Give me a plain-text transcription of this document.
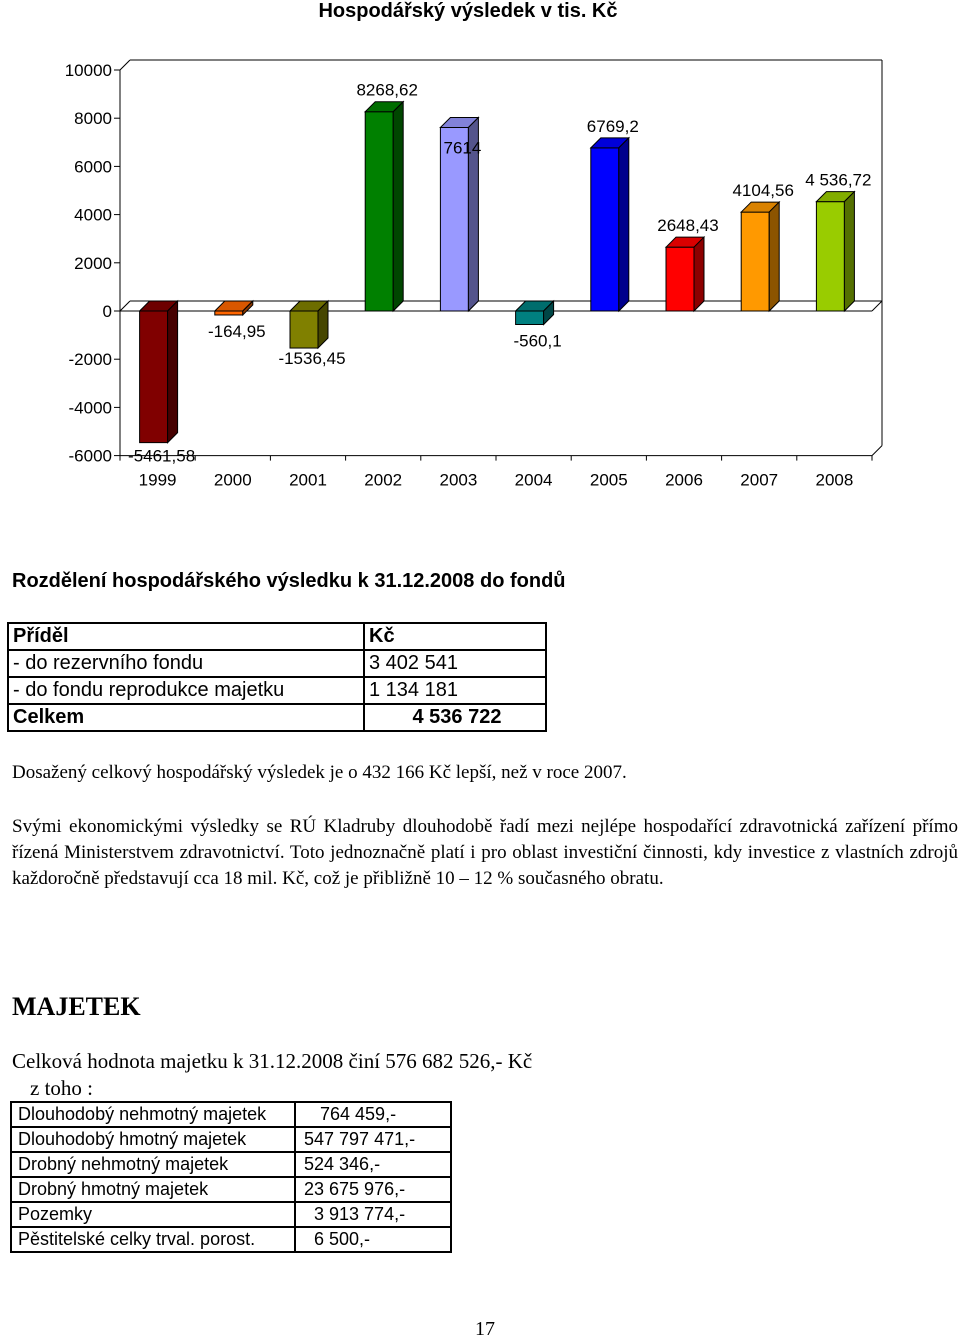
Hospodářský výsledek v tis. Kč
10000
8000
6000
4000
2000
0
-2000
-4000
-6000
1999
-5461,58
2000
-164,95
2001
-1536,45
2002
8268,62
2003
7614
2004
-560,1
2005
6769,2
2006
2648,43
2007
4104,56
2008
4 536,72
Rozdělení hospodářského výsledku k 31.12.2008 do fondů
Příděl	Kč
- do rezervního fondu	3 402 541
- do fondu reprodukce majetku	1 134 181
Celkem	4 536 722
Dosažený celkový hospodářský výsledek je o 432 166 Kč lepší, než v roce 2007.
Svými ekonomickými výsledky se RÚ Kladruby dlouhodobě řadí mezi nejlépe hospodařící zdravotnická zařízení přímo řízená Ministerstvem zdravotnictví. Toto jednoznačně platí i pro oblast investiční činnosti, kdy investice z vlastních zdrojů každoročně představují cca 18 mil. Kč, což je přibližně 10 – 12 % současného obratu.
MAJETEK
Celková hodnota majetku k 31.12.2008 činí 576 682 526,- Kč
z toho :
Dlouhodobý nehmotný majetek	764 459,-
Dlouhodobý hmotný majetek	547 797 471,-
Drobný nehmotný majetek	524 346,-
Drobný hmotný majetek	23 675 976,-
Pozemky	3 913 774,-
Pěstitelské celky trval. porost.	6 500,-
17
